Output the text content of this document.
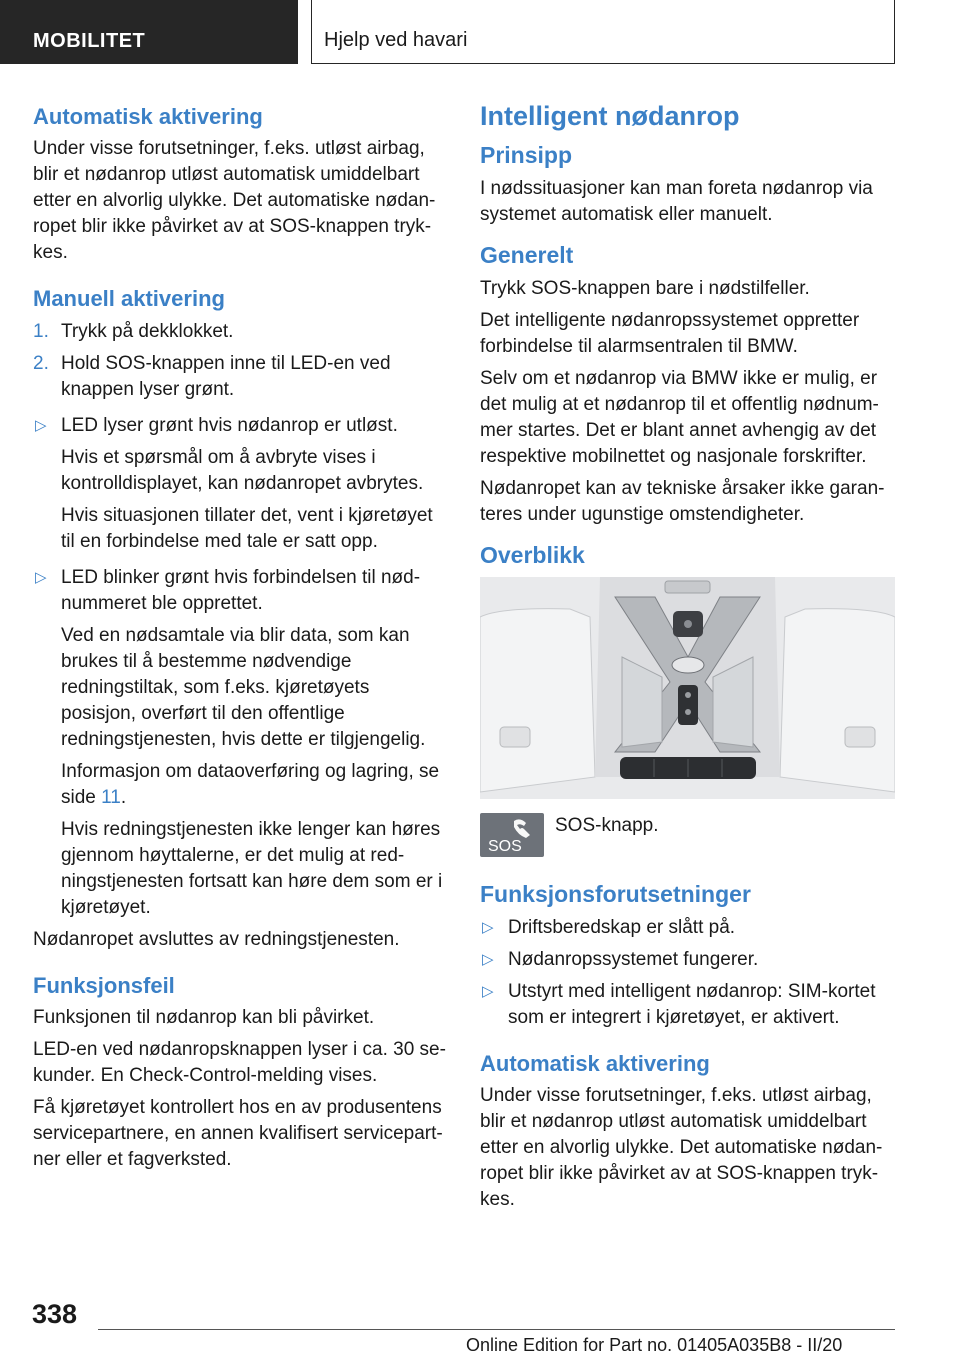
MOBILITET	Hjelp ved havari
Automatisk aktivering

Under visse forutsetninger, f.eks. utløst airbag, blir et nødanrop utløst automatisk umiddelbart etter en alvorlig ulykke. Det automatiske nødanropet blir ikke påvirket av at SOS-knappen trykkes.

Manuell aktivering
1. Trykk på dekklokket.
2. Hold SOS-knappen inne til LED-en ved knappen lyser grønt.
▷ LED lyser grønt hvis nødanrop er utløst.
Hvis et spørsmål om å avbryte vises i kontrolldisplayet, kan nødanropet avbrytes.
Hvis situasjonen tillater det, vent i kjøretøyet til en forbindelse med tale er satt opp.
▷ LED blinker grønt hvis forbindelsen til nødnummeret ble opprettet.
Ved en nødsamtale via blir data, som kan brukes til å bestemme nødvendige redningstiltak, som f.eks. kjøretøyets posisjon, overført til den offentlige redningstjenesten, hvis dette er tilgjengelig.
Informasjon om dataoverføring og lagring, se side 11.
Hvis redningstjenesten ikke lenger kan høres gjennom høyttalerne, er det mulig at redningstjenesten fortsatt kan høre dem som er i kjøretøyet.

Nødanropet avsluttes av redningstjenesten.

Funksjonsfeil

Funksjonen til nødanrop kan bli påvirket.

LED-en ved nødanropsknappen lyser i ca. 30 sekunder. En Check-Control-melding vises.

Få kjøretøyet kontrollert hos en av produsentens servicepartnere, en annen kvalifisert servicepartner eller et fagverksted.

Intelligent nødanrop
Prinsipp

I nødssituasjoner kan man foreta nødanrop via systemet automatisk eller manuelt.

Generelt

Trykk SOS-knappen bare i nødstilfeller.

Det intelligente nødanropssystemet oppretter forbindelse til alarmsentralen til BMW.

Selv om et nødanrop via BMW ikke er mulig, er det mulig at et nødanrop til et offentlig nødnummer startes. Det er blant annet avhengig av det respektive mobilnettet og nasjonale forskrifter.

Nødanropet kan av tekniske årsaker ikke garanteres under ugunstige omstendigheter.

Overblikk
SOS
SOS-knapp.
Funksjonsforutsetninger
▷ Driftsberedskap er slått på.
▷ Nødanropssystemet fungerer.
▷ Utstyrt med intelligent nødanrop: SIM-kortet som er integrert i kjøretøyet, er aktivert.
Automatisk aktivering

Under visse forutsetninger, f.eks. utløst airbag, blir et nødanrop utløst automatisk umiddelbart etter en alvorlig ulykke. Det automatiske nødanropet blir ikke påvirket av at SOS-knappen trykkes.

338
Online Edition for Part no. 01405A035B8 - II/20
